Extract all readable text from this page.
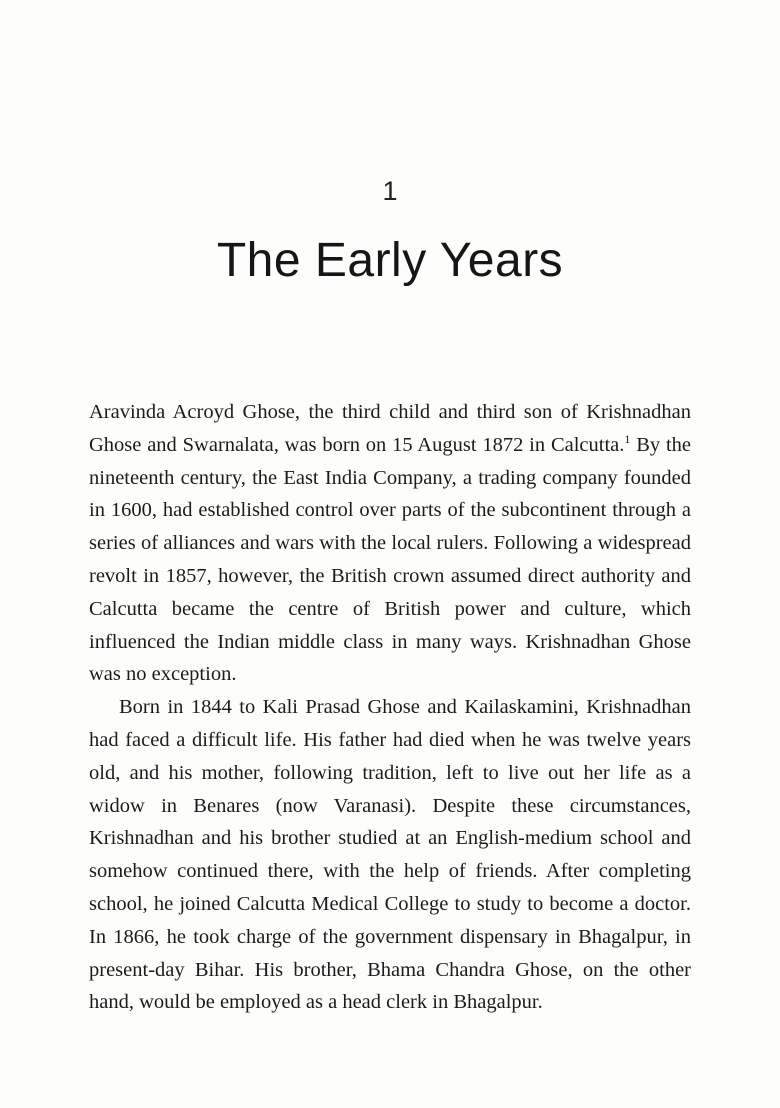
1
The Early Years

Aravinda Acroyd Ghose, the third child and third son of Krishnadhan Ghose and Swarnalata, was born on 15 August 1872 in Calcutta.$^1$ By the nineteenth century, the East India Company, a trading company founded in 1600, had established control over parts of the subcontinent through a series of alliances and wars with the local rulers. Following a widespread revolt in 1857, however, the British crown assumed direct authority and Calcutta became the centre of British power and culture, which influenced the Indian middle class in many ways. Krishnadhan Ghose was no exception.

Born in 1844 to Kali Prasad Ghose and Kailaskamini, Krishnadhan had faced a difficult life. His father had died when he was twelve years old, and his mother, following tradition, left to live out her life as a widow in Benares (now Varanasi). Despite these circumstances, Krishnadhan and his brother studied at an English-medium school and somehow continued there, with the help of friends. After completing school, he joined Calcutta Medical College to study to become a doctor. In 1866, he took charge of the government dispensary in Bhagalpur, in present-day Bihar. His brother, Bhama Chandra Ghose, on the other hand, would be employed as a head clerk in Bhagalpur.
